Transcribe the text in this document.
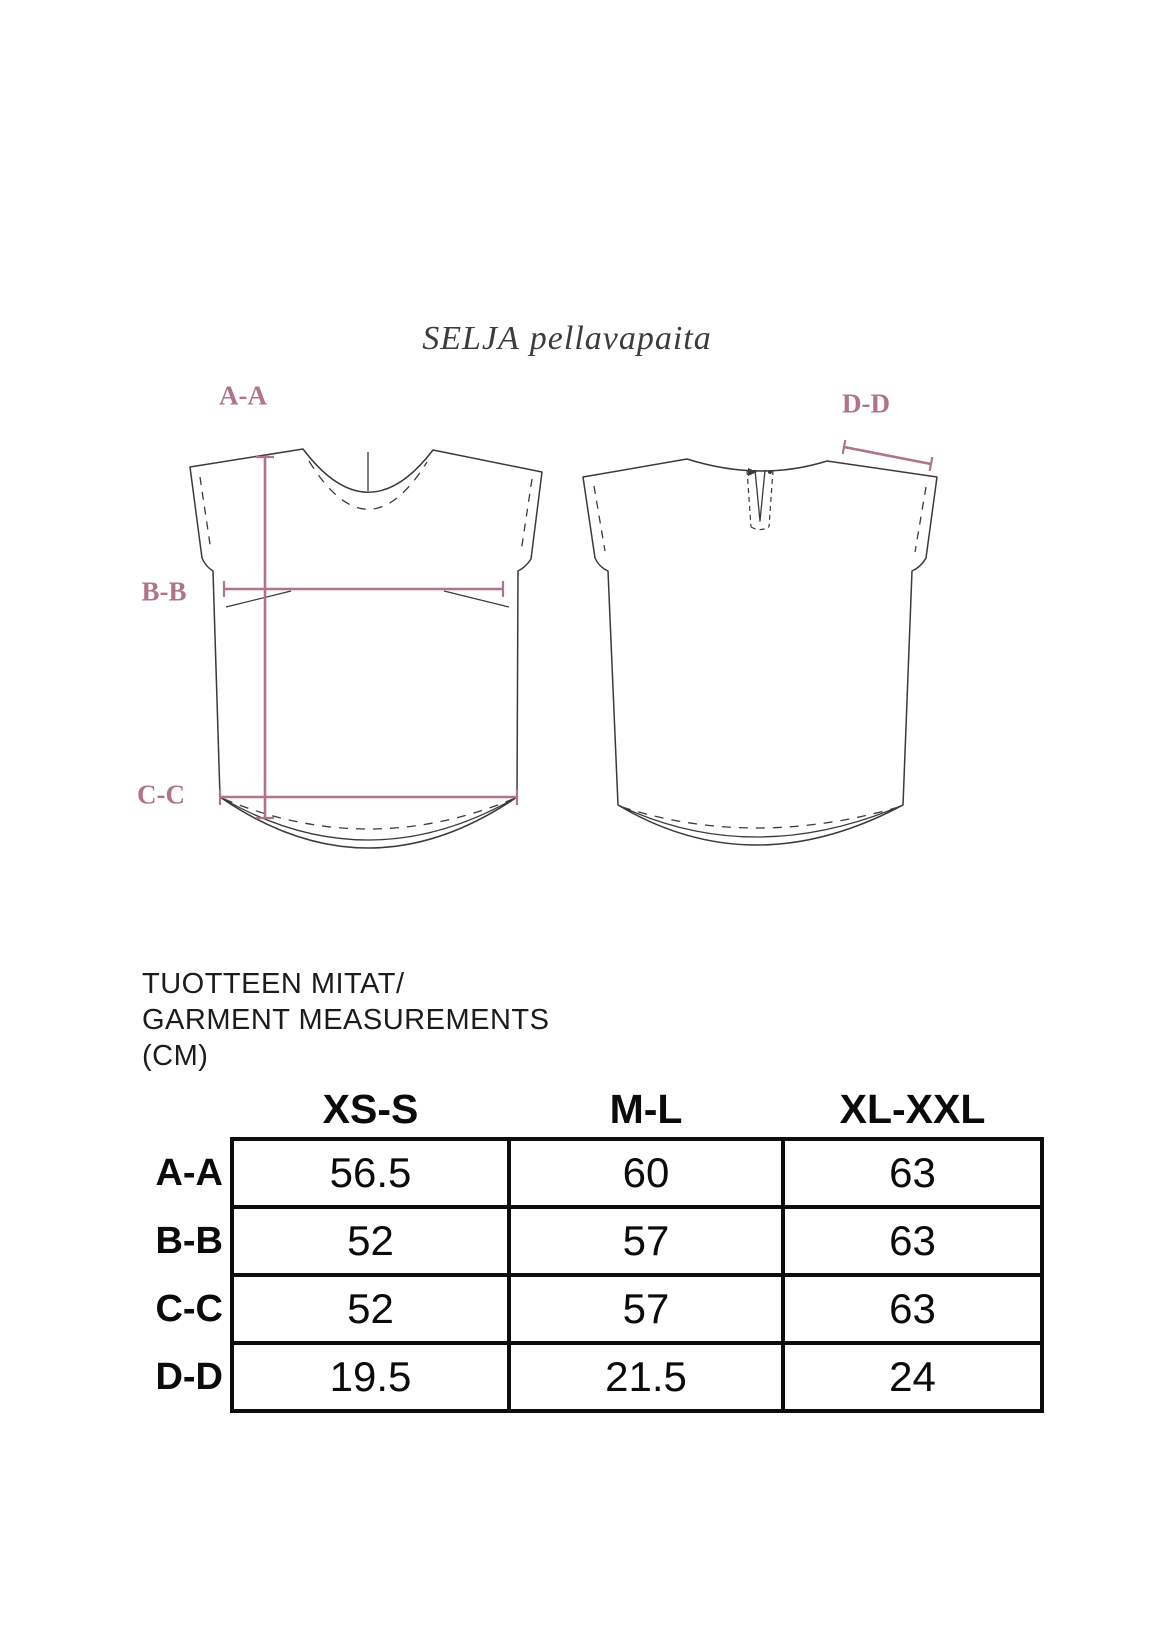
SELJA pellavapaita
A-A
B-B
C-C
D-D
TUOTTEEN MITAT/
GARMENT MEASUREMENTS
(CM)
	XS-S	M-L	XL-XXL
A-A	56.5	60	63
B-B	52	57	63
C-C	52	57	63
D-D	19.5	21.5	24
